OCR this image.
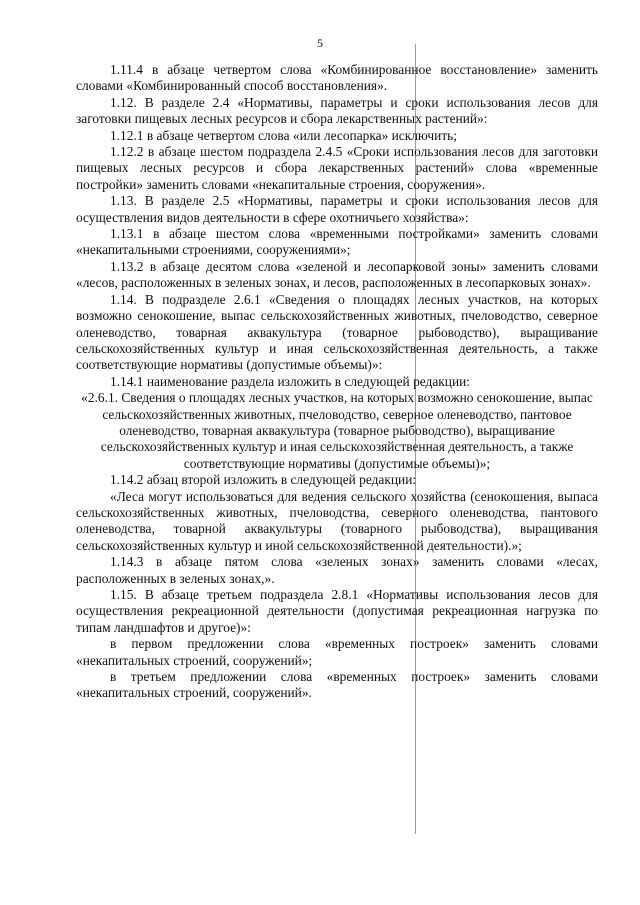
5

1.11.4 в абзаце четвертом слова «Комбинированное восстановление» заменить словами «Комбинированный способ восстановления».

1.12. В разделе 2.4 «Нормативы, параметры и сроки использования лесов для заготовки пищевых лесных ресурсов и сбора лекарственных растений»:

1.12.1 в абзаце четвертом слова «или лесопарка» исключить;

1.12.2 в абзаце шестом подраздела 2.4.5 «Сроки использования лесов для заготовки пищевых лесных ресурсов и сбора лекарственных растений» слова «временные постройки» заменить словами «некапитальные строения, сооружения».

1.13. В разделе 2.5 «Нормативы, параметры и сроки использования лесов для осуществления видов деятельности в сфере охотничьего хозяйства»:

1.13.1 в абзаце шестом слова «временными постройками» заменить словами «некапитальными строениями, сооружениями»;

1.13.2 в абзаце десятом слова «зеленой и лесопарковой зоны» заменить словами «лесов, расположенных в зеленых зонах, и лесов, расположенных в лесопарковых зонах».

1.14. В подразделе 2.6.1 «Сведения о площадях лесных участков, на которых возможно сенокошение, выпас сельскохозяйственных животных, пчеловодство, северное оленеводство, товарная аквакультура (товарное рыбоводство), выращивание сельскохозяйственных культур и иная сельскохозяйственная деятельность, а также соответствующие нормативы (допустимые объемы)»:

1.14.1 наименование раздела изложить в следующей редакции:

«2.6.1. Сведения о площадях лесных участков, на которых возможно сенокошение, выпас сельскохозяйственных животных, пчеловодство, северное оленеводство, пантовое оленеводство, товарная аквакультура (товарное рыбоводство), выращивание сельскохозяйственных культур и иная сельскохозяйственная деятельность, а также соответствующие нормативы (допустимые объемы)»;

1.14.2 абзац второй изложить в следующей редакции:

«Леса могут использоваться для ведения сельского хозяйства (сенокошения, выпаса сельскохозяйственных животных, пчеловодства, северного оленеводства, пантового оленеводства, товарной аквакультуры (товарного рыбоводства), выращивания сельскохозяйственных культур и иной сельскохозяйственной деятельности).»;

1.14.3 в абзаце пятом слова «зеленых зонах» заменить словами «лесах, расположенных в зеленых зонах,».

1.15. В абзаце третьем подраздела 2.8.1 «Нормативы использования лесов для осуществления рекреационной деятельности (допустимая рекреационная нагрузка по типам ландшафтов и другое)»:

в первом предложении слова «временных построек» заменить словами «некапитальных строений, сооружений»;

в третьем предложении слова «временных построек» заменить словами «некапитальных строений, сооружений».
